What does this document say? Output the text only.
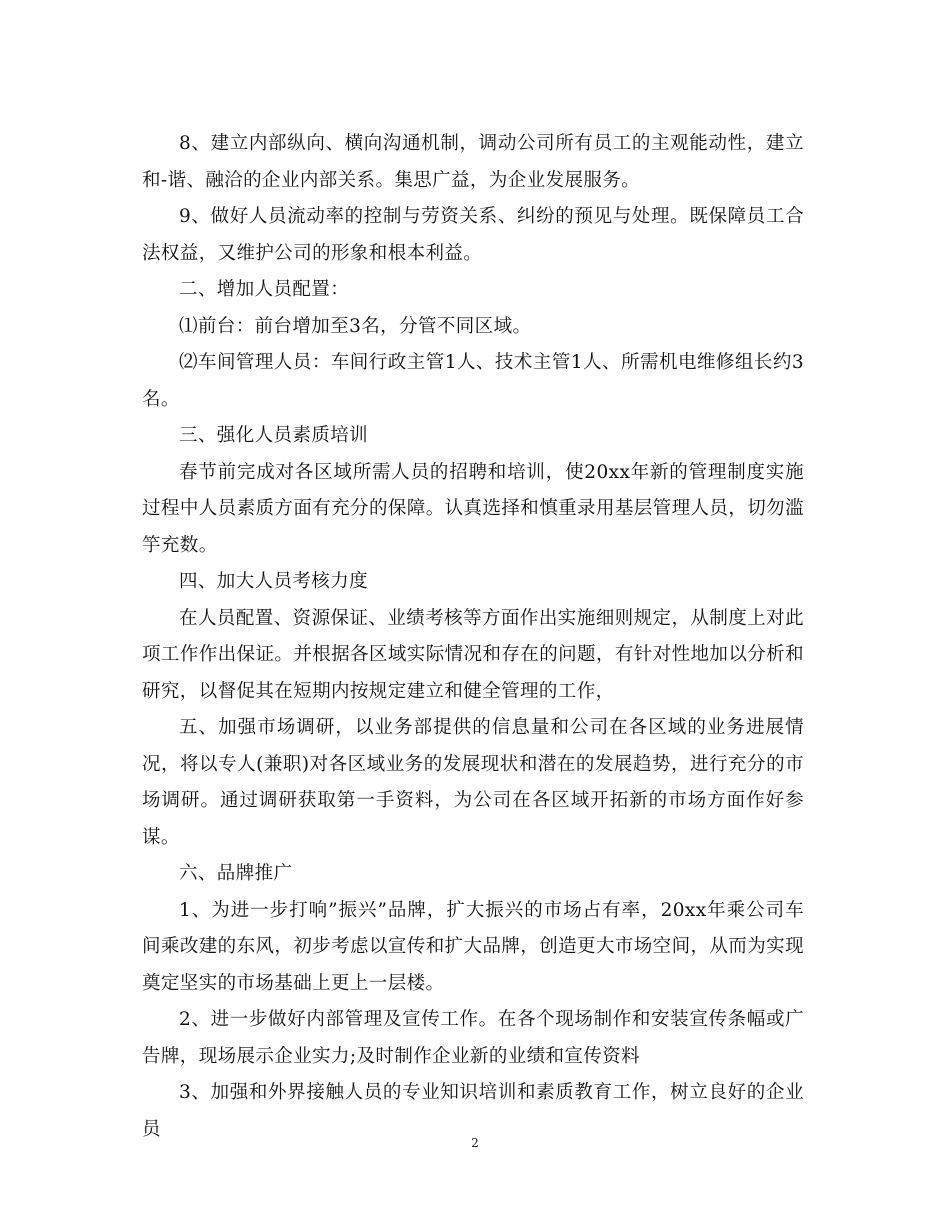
8、建立内部纵向、横向沟通机制，调动公司所有员工的主观能动性，建立和-谐、融洽的企业内部关系。集思广益，为企业发展服务。

9、做好人员流动率的控制与劳资关系、纠纷的预见与处理。既保障员工合法权益，又维护公司的形象和根本利益。

二、增加人员配置：

⑴前台：前台增加至3名，分管不同区域。

⑵车间管理人员：车间行政主管1人、技术主管1人、所需机电维修组长约3名。

三、强化人员素质培训

春节前完成对各区域所需人员的招聘和培训，使20xx年新的管理制度实施过程中人员素质方面有充分的保障。认真选择和慎重录用基层管理人员，切勿滥竽充数。

四、加大人员考核力度

在人员配置、资源保证、业绩考核等方面作出实施细则规定，从制度上对此项工作作出保证。并根据各区域实际情况和存在的问题，有针对性地加以分析和研究，以督促其在短期内按规定建立和健全管理的工作，

五、加强市场调研，以业务部提供的信息量和公司在各区域的业务进展情况，将以专人(兼职)对各区域业务的发展现状和潜在的发展趋势，进行充分的市场调研。通过调研获取第一手资料，为公司在各区域开拓新的市场方面作好参谋。

六、品牌推广

1、为进一步打响”振兴”品牌，扩大振兴的市场占有率，20xx年乘公司车间乘改建的东风，初步考虑以宣传和扩大品牌，创造更大市场空间，从而为实现奠定坚实的市场基础上更上一层楼。

2、进一步做好内部管理及宣传工作。在各个现场制作和安装宣传条幅或广告牌，现场展示企业实力;及时制作企业新的业绩和宣传资料

3、加强和外界接触人员的专业知识培训和素质教育工作，树立良好的企业员

2
